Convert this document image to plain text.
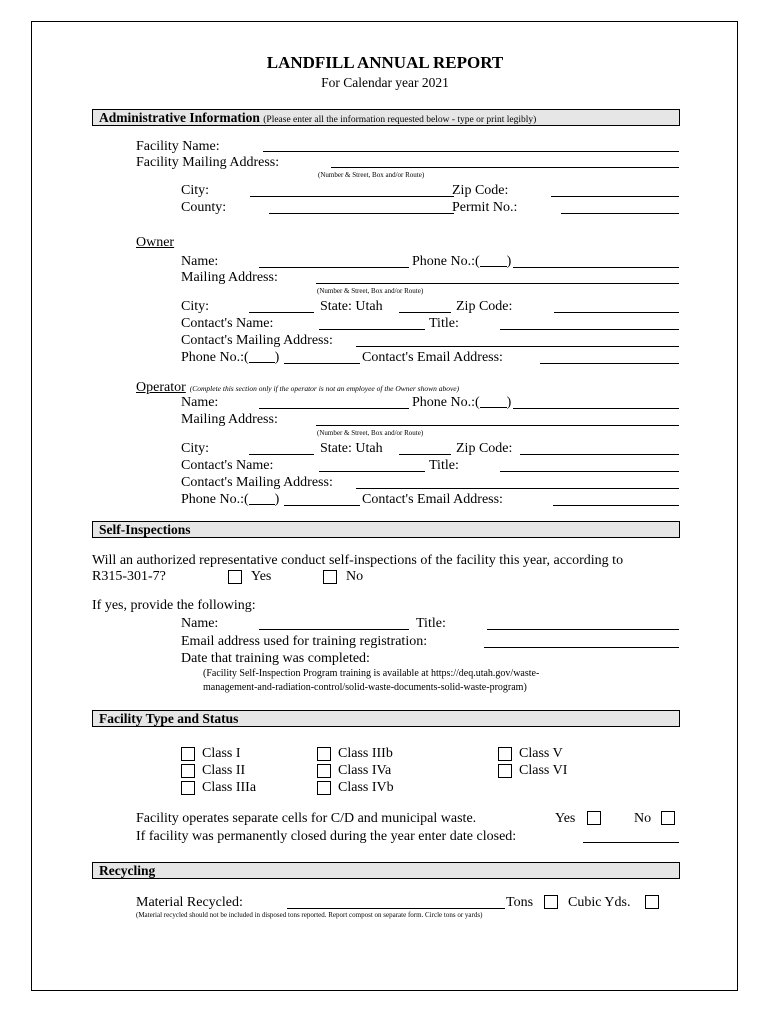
LANDFILL ANNUAL REPORT
For Calendar year 2021
Administrative Information (Please enter all the information requested below - type or print legibly)
Facility Name:
Facility Mailing Address:
(Number & Street, Box and/or Route)
City:	Zip Code:
County:	Permit No.:
Owner
Name:	Phone No.:( )
Mailing Address:
(Number & Street, Box and/or Route)
City:	State: Utah	Zip Code:
Contact's Name:	Title:
Contact's Mailing Address:
Phone No.:( )	Contact's Email Address:
Operator (Complete this section only if the operator is not an employee of the Owner shown above)
Name:	Phone No.:( )
Mailing Address:
(Number & Street, Box and/or Route)
City:	State: Utah	Zip Code:
Contact's Name:	Title:
Contact's Mailing Address:
Phone No.:( )	Contact's Email Address:
Self-Inspections
Will an authorized representative conduct self-inspections of the facility this year, according to
R315-301-7?	Yes	No
If yes, provide the following:
Name:	Title:
Email address used for training registration:
Date that training was completed:
(Facility Self-Inspection Program training is available at https://deq.utah.gov/waste-
management-and-radiation-control/solid-waste-documents-solid-waste-program)
Facility Type and Status
Class I
Class II
Class IIIa
Class IIIb
Class IVa
Class IVb
Class V
Class VI
Facility operates separate cells for C/D and municipal waste.	Yes	No
If facility was permanently closed during the year enter date closed:
Recycling
Material Recycled:	Tons Cubic Yds.
(Material recycled should not be included in disposed tons reported. Report compost on separate form. Circle tons or yards)
